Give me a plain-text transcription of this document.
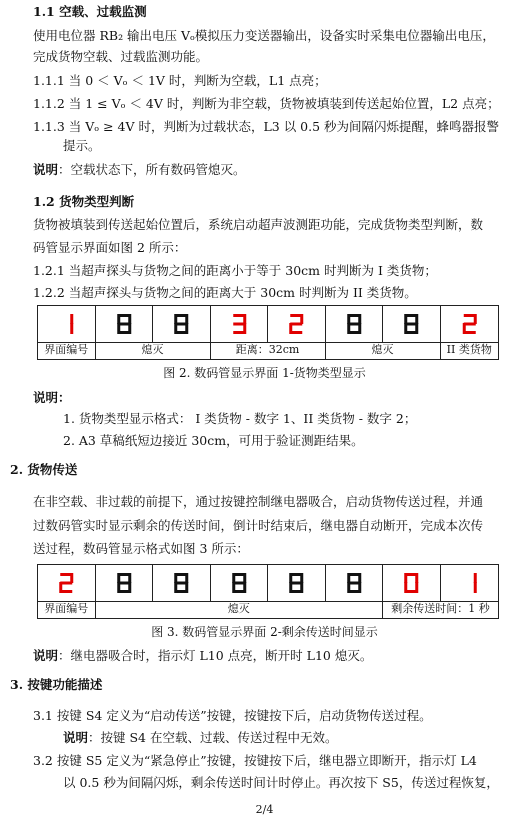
1.1 空载、过载监测
使用电位器 RB₂ 输出电压 Vₒ模拟压力变送器输出，设备实时采集电位器输出电压，
完成货物空载、过载监测功能。
1.1.1 当 0 ＜ Vₒ ＜ 1V 时，判断为空载，L1 点亮；
1.1.2 当 1 ≤ Vₒ ＜ 4V 时，判断为非空载，货物被填装到传送起始位置，L2 点亮；
1.1.3 当 Vₒ ≥ 4V 时，判断为过载状态，L3 以 0.5 秒为间隔闪烁提醒，蜂鸣器报警
提示。
说明：空载状态下，所有数码管熄灭。
1.2 货物类型判断
货物被填装到传送起始位置后，系统启动超声波测距功能，完成货物类型判断，数
码管显示界面如图 2 所示：
1.2.1 当超声探头与货物之间的距离小于等于 30cm 时判断为 I 类货物；
1.2.2 当超声探头与货物之间的距离大于 30cm 时判断为 II 类货物。
界面编号	熄灭	距离：32cm	熄灭	II 类货物
图 2. 数码管显示界面 1-货物类型显示
说明：
1. 货物类型显示格式： I 类货物 - 数字 1、II 类货物 - 数字 2；
2. A3 草稿纸短边接近 30cm，可用于验证测距结果。
2. 货物传送
在非空载、非过载的前提下，通过按键控制继电器吸合，启动货物传送过程，并通
过数码管实时显示剩余的传送时间，倒计时结束后，继电器自动断开，完成本次传
送过程，数码管显示格式如图 3 所示：
界面编号	熄灭	剩余传送时间：1 秒
图 3. 数码管显示界面 2-剩余传送时间显示
说明：继电器吸合时，指示灯 L10 点亮，断开时 L10 熄灭。
3. 按键功能描述
3.1 按键 S4 定义为“启动传送”按键，按键按下后，启动货物传送过程。
说明：按键 S4 在空载、过载、传送过程中无效。
3.2 按键 S5 定义为“紧急停止”按键，按键按下后，继电器立即断开，指示灯 L4
以 0.5 秒为间隔闪烁，剩余传送时间计时停止。再次按下 S5，传送过程恢复，
2/4
